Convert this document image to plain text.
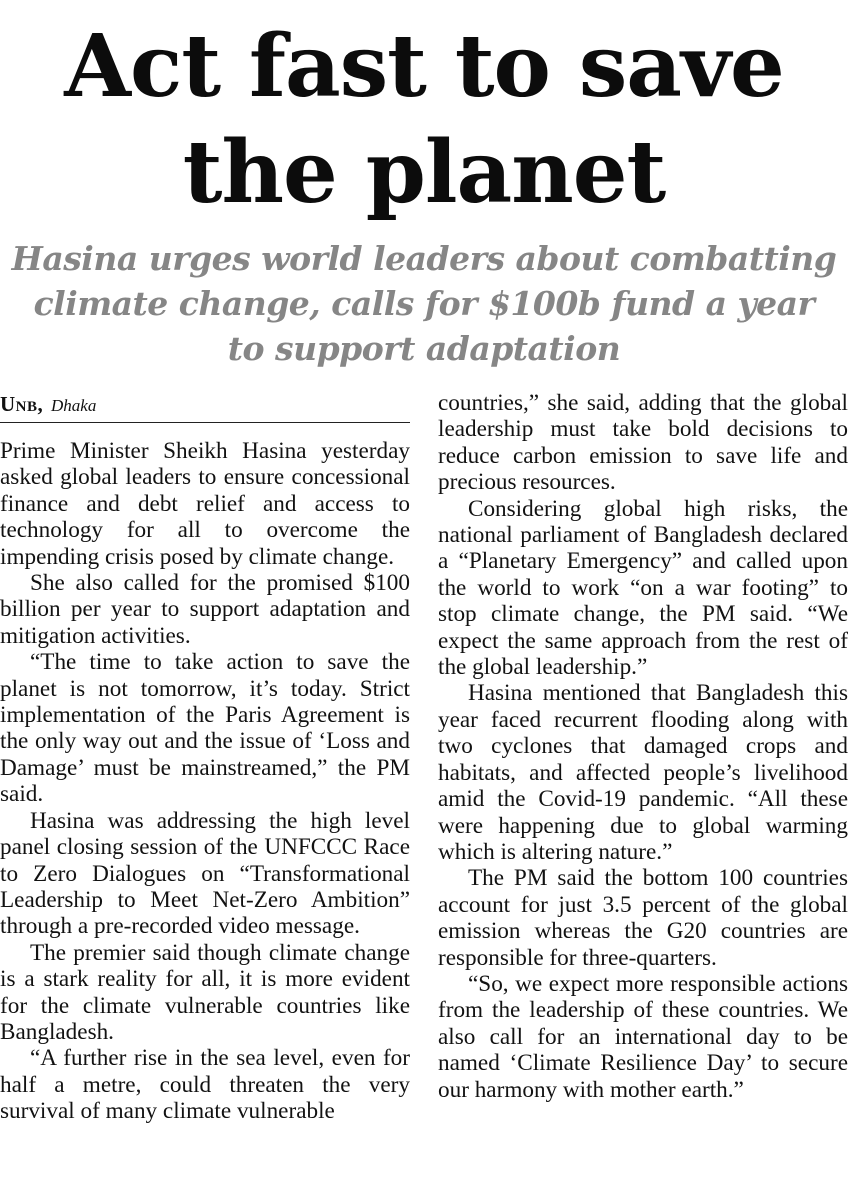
Act fast to save
the planet
Hasina urges world leaders about combatting climate change, calls for $100b fund a year to support adaptation
Unb, Dhaka

Prime Minister Sheikh Hasina yesterday asked global leaders to ensure concessional finance and debt relief and access to technology for all to overcome the impending crisis posed by climate change.

She also called for the promised $100 billion per year to support adaptation and mitigation activities.

“The time to take action to save the planet is not tomorrow, it’s today. Strict implementation of the Paris Agreement is the only way out and the issue of ‘Loss and Damage’ must be mainstreamed,” the PM said.

Hasina was addressing the high level panel closing session of the UNFCCC Race to Zero Dialogues on “Transformational Leadership to Meet Net-Zero Ambition” through a pre-recorded video message.

The premier said though climate change is a stark reality for all, it is more evident for the climate vulnerable countries like Bangladesh.

“A further rise in the sea level, even for half a metre, could threaten the very survival of many climate vulnerable

countries,” she said, adding that the global leadership must take bold decisions to reduce carbon emission to save life and precious resources.

Considering global high risks, the national parliament of Bangladesh declared a “Planetary Emergency” and called upon the world to work “on a war footing” to stop climate change, the PM said. “We expect the same approach from the rest of the global leadership.”

Hasina mentioned that Bangladesh this year faced recurrent flooding along with two cyclones that damaged crops and habitats, and affected people’s livelihood amid the Covid-19 pandemic. “All these were happening due to global warming which is altering nature.”

The PM said the bottom 100 countries account for just 3.5 percent of the global emission whereas the G20 countries are responsible for three-quarters.

“So, we expect more responsible actions from the leadership of these countries. We also call for an international day to be named ‘Climate Resilience Day’ to secure our harmony with mother earth.”
